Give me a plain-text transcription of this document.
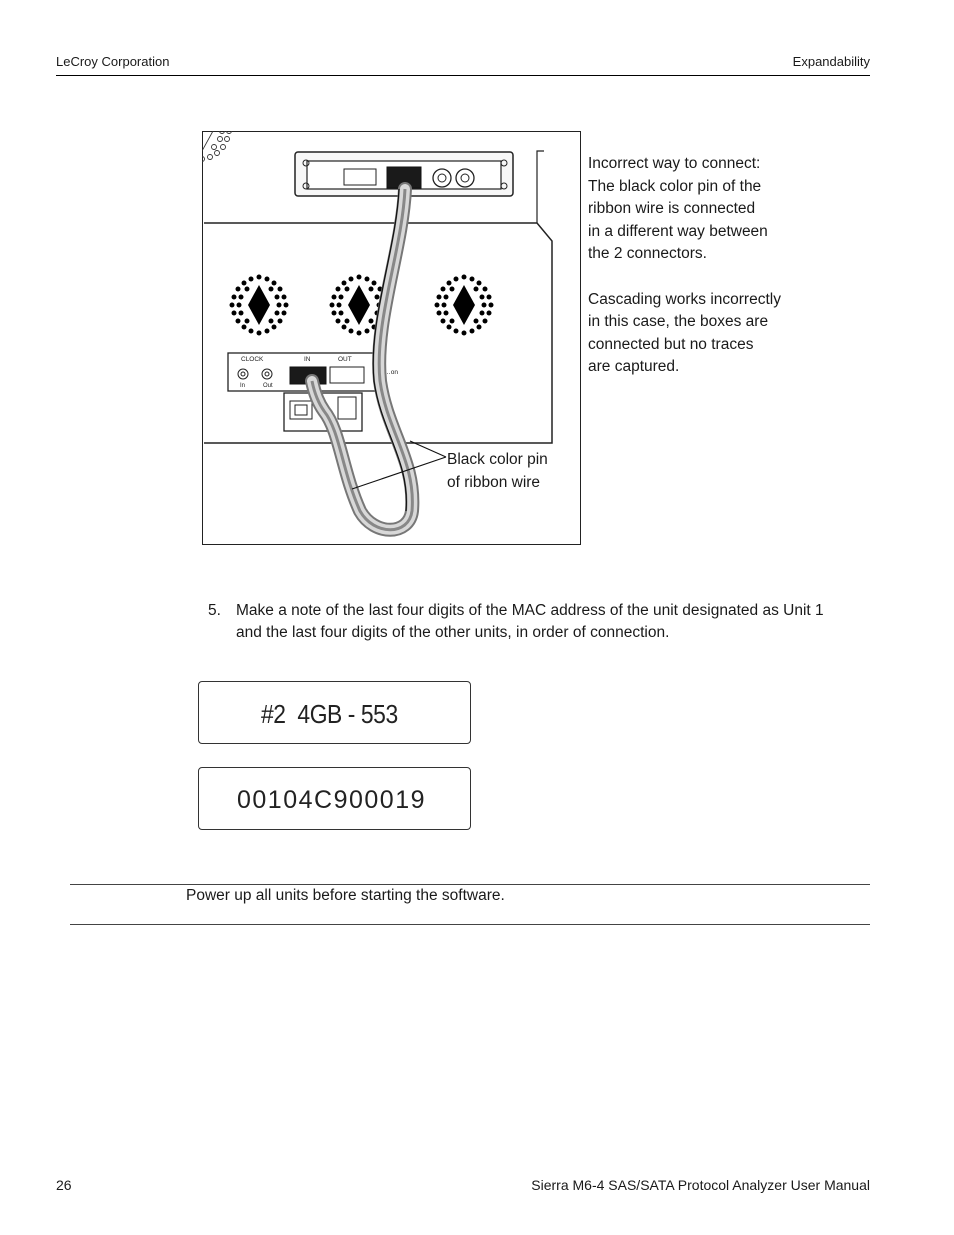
LeCroy Corporation	Expandability
CLOCK	IN	OUT
In	Out
Exp…on
Incorrect way to connect:
The black color pin of the
ribbon wire is connected
in a different way between
the 2 connectors.
Cascading works incorrectly
in this case, the boxes are
connected but no traces
are captured.
Black color pin
of ribbon wire
5. Make a note of the last four digits of the MAC address of the unit designated as Unit 1 and the last four digits of the other units, in order of connection.
#2  4GB - 553
00104C900019
Power up all units before starting the software.
26	Sierra M6-4 SAS/SATA Protocol Analyzer User Manual
